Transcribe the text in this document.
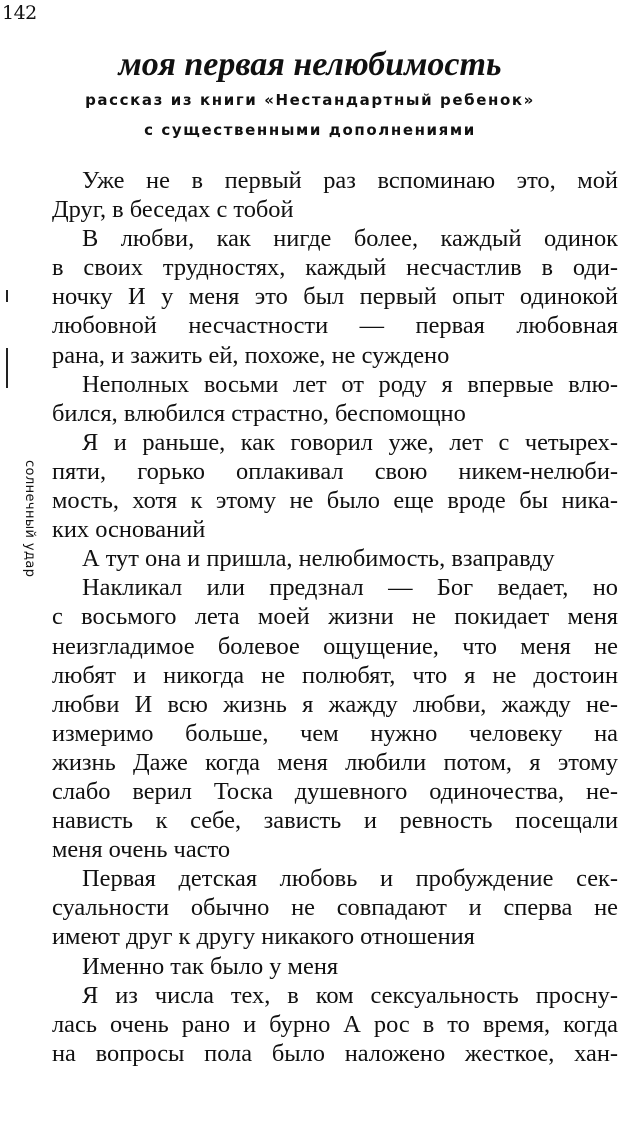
142
моя первая нелюбимость
рассказ из книги «Нестандартный ребенок»
с существенными дополнениями
солнечный удар
Уже не в первый раз вспоминаю это, мой
Друг, в беседах с тобой
В любви, как нигде более, каждый одинок
в своих трудностях, каждый несчастлив в оди-
ночку И у меня это был первый опыт одинокой
любовной несчастности — первая любовная
рана, и зажить ей, похоже, не суждено
Неполных восьми лет от роду я впервые влю-
бился, влюбился страстно, беспомощно
Я и раньше, как говорил уже, лет с четырех-
пяти, горько оплакивал свою никем-нелюби-
мость, хотя к этому не было еще вроде бы ника-
ких оснований
А тут она и пришла, нелюбимость, взаправду
Накликал или предзнал — Бог ведает, но
с восьмого лета моей жизни не покидает меня
неизгладимое болевое ощущение, что меня не
любят и никогда не полюбят, что я не достоин
любви И всю жизнь я жажду любви, жажду не-
измеримо больше, чем нужно человеку на
жизнь Даже когда меня любили потом, я этому
слабо верил Тоска душевного одиночества, не-
нависть к себе, зависть и ревность посещали
меня очень часто
Первая детская любовь и пробуждение сек-
суальности обычно не совпадают и сперва не
имеют друг к другу никакого отношения
Именно так было у меня
Я из числа тех, в ком сексуальность просну-
лась очень рано и бурно А рос в то время, когда
на вопросы пола было наложено жесткое, хан-
